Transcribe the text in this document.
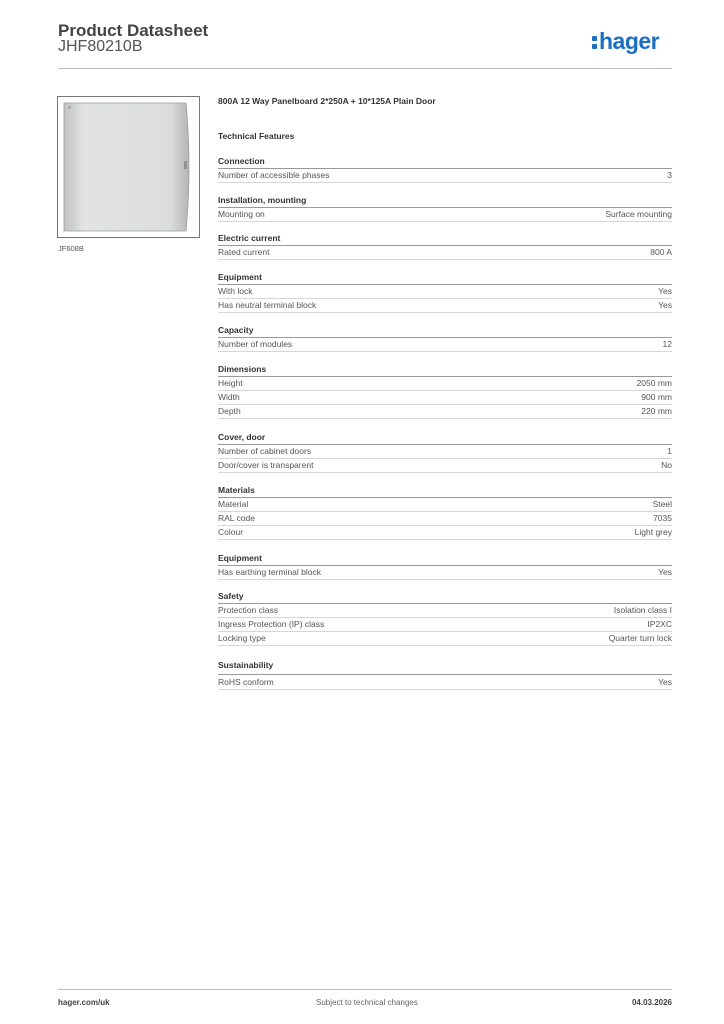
Product Datasheet
JHF80210B	hager
JF608B
800A 12 Way Panelboard 2*250A + 10*125A Plain Door
Technical Features
Connection
Number of accessible phases	3
Installation, mounting
Mounting on	Surface mounting
Electric current
Rated current	800 A
Equipment
With lock	Yes
Has neutral terminal block	Yes
Capacity
Number of modules	12
Dimensions
Height	2050 mm
Width	900 mm
Depth	220 mm
Cover, door
Number of cabinet doors	1
Door/cover is transparent	No
Materials
Material	Steel
RAL code	7035
Colour	Light grey
Equipment
Has earthing terminal block	Yes
Safety
Protection class	Isolation class I
Ingress Protection (IP) class	IP2XC
Locking type	Quarter turn lock
Sustainability
RoHS conform	Yes
hager.com/uk	Subject to technical changes	04.03.2026
